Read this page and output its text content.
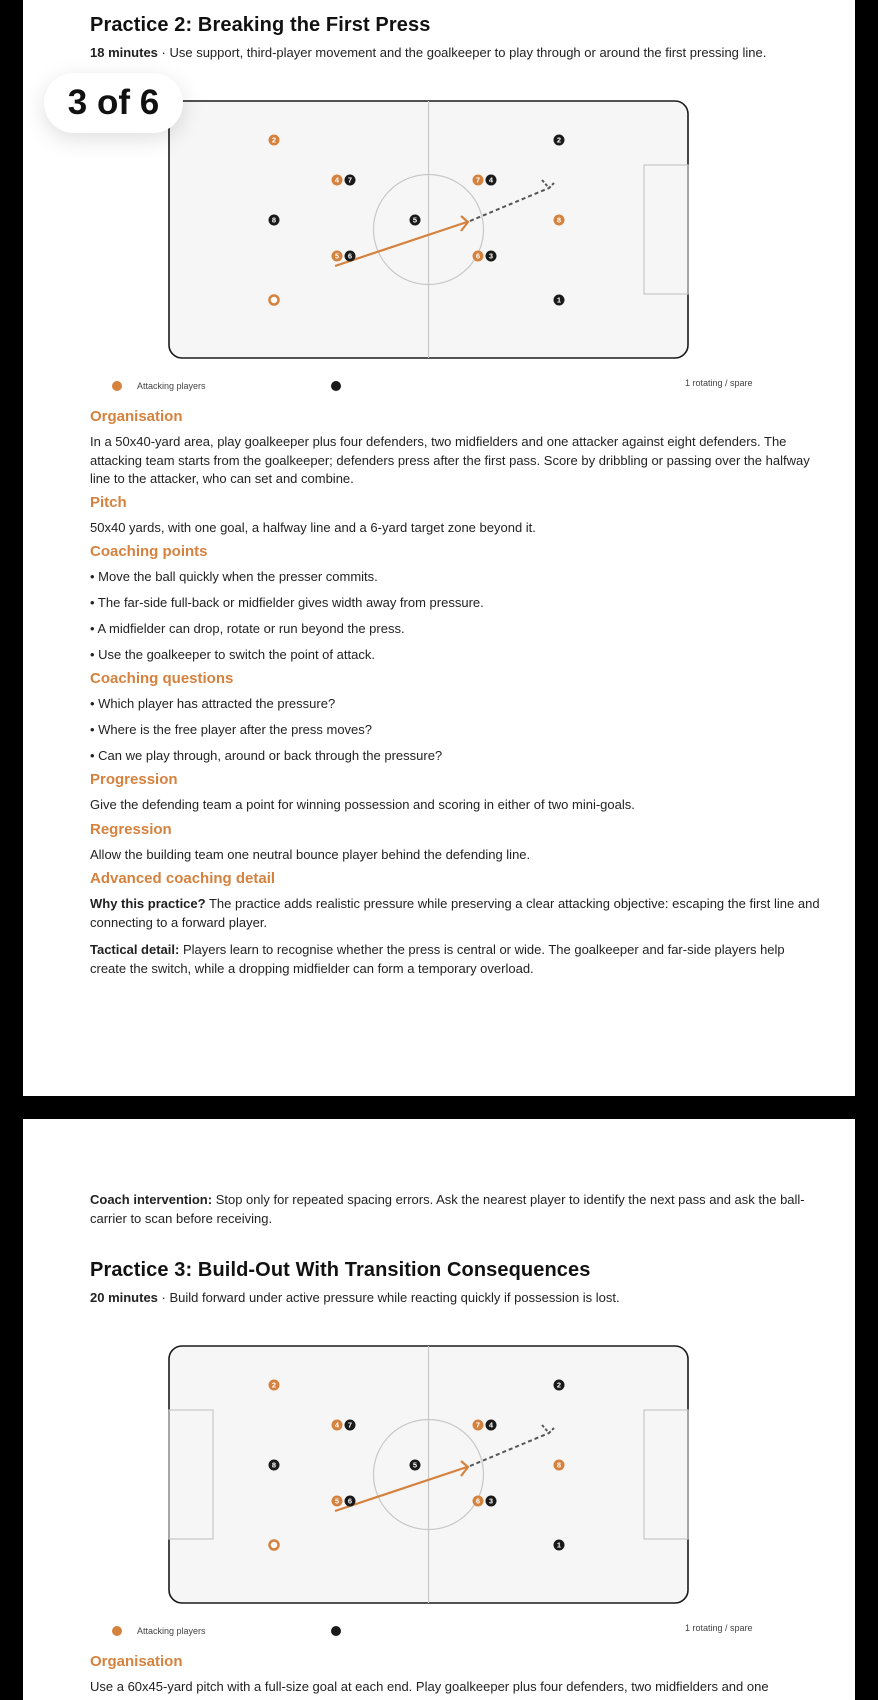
Practice 2: Breaking the First Press
18 minutes · Use support, third-player movement and the goalkeeper to play through or around the first pressing line.
2
4 7
8
5 6
5
7 4
6 3
2
8
1
Attacking players	1 rotating / spare
Organisation

In a 50x40-yard area, play goalkeeper plus four defenders, two midfielders and one attacker against eight defenders. The attacking team starts from the goalkeeper; defenders press after the first pass. Score by dribbling or passing over the halfway line to the attacker, who can set and combine.

Pitch

50x40 yards, with one goal, a halfway line and a 6-yard target zone beyond it.

Coaching points
• Move the ball quickly when the presser commits.
• The far-side full-back or midfielder gives width away from pressure.
• A midfielder can drop, rotate or run beyond the press.
• Use the goalkeeper to switch the point of attack.
Coaching questions
• Which player has attracted the pressure?
• Where is the free player after the press moves?
• Can we play through, around or back through the pressure?
Progression

Give the defending team a point for winning possession and scoring in either of two mini-goals.

Regression

Allow the building team one neutral bounce player behind the defending line.

Advanced coaching detail

Why this practice? The practice adds realistic pressure while preserving a clear attacking objective: escaping the first line and connecting to a forward player.

Tactical detail: Players learn to recognise whether the press is central or wide. The goalkeeper and far-side players help create the switch, while a dropping midfielder can form a temporary overload.

3 of 6

Coach intervention: Stop only for repeated spacing errors. Ask the nearest player to identify the next pass and ask the ball-carrier to scan before receiving.

Practice 3: Build-Out With Transition Consequences
20 minutes · Build forward under active pressure while reacting quickly if possession is lost.
2
4 7
8
5 6
5
7 4
6 3
2
8
1
Attacking players	1 rotating / spare
Organisation

Use a 60x45-yard pitch with a full-size goal at each end. Play goalkeeper plus four defenders, two midfielders and one
